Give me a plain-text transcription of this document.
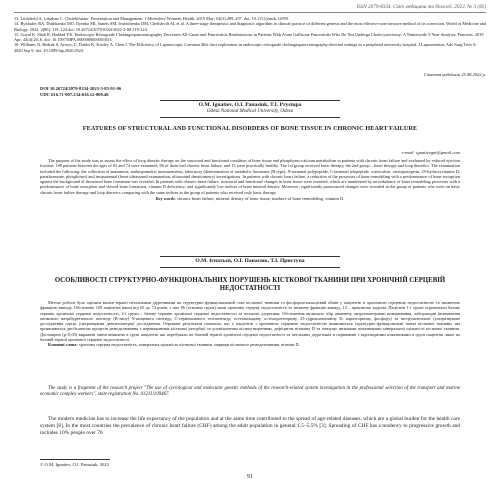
ISSN 2079-8334. Світ медицини та біології. 2023. № 3 (85)

13. Littlefield A, Lenahan C. Cholelithiasis: Presentation and Management. J Midwifery Womens Health. 2019 May; 64(3):289–297. doi: 10.1111/jmwh.12959.

14. Bykhalov RA, Dushkenko MO, Ilyenko MI, Sanets SM, Ivashchenko DM, Chelishvili AL et al. A three-stage therapeutic and diagnostic algorithm in clinical practice of different genesis and the most effective non-invasive method of its correction. World of Medicine and Biology. 2022; 2(80): 119–124.doi: 10.26724/2079-8334-2022-2-80-119-124

15. Goyal K, Shah R, Haddad YK. Endoscopic Retrograde Cholangiopancreatography Decreases All-Cause and Pancreatitis Readmissions in Patients With Acute Gallstone Pancreatitis Who Do Not Undergo Cholecystectomy: A Nationwide 5-Year Analysis. Pancreas. 2019 Apr; 43(4):20–6. doi: 10.1097/MPA.0000000000001033.

16. Williams N, Bedrak S, Arroyo U, Dobbs K, Kirsley A, Chen I. The Efficiency of Laparoscopic Common Bile duct exploration in endoscopic retrograde cholangiopancreatography-directed settings in a peripheral university hospital. J Laparoendosc Adv Surg Tech A. 2020 Sep 9; doi: 10.1089/lap.2020.0523.

Стаття надійшла 25.08.2022 р.
DOI 10.26724/2079-8334-2023-3-85-91-96
UDC 616.71-007.234:616.12-008.46
O.M. Ignatiev, O.I. Panasiuk, T.I. Prystupa
Odesa National Medical University, Odesa
FEATURES OF STRUCTURAL AND FUNCTIONAL DISORDERS OF BONE TISSUE IN CHRONIC HEART FAILURE
e-mail: ignatievgm@gmail.com

The purpose of the study was to assess the effect of loop diuretic therapy on the structural and functional condition of bone tissue and phosphorus-calcium metabolism in patients with chronic heart failure and evaluated by reduced ejection fraction. 109 patients between the ages of 65 and 74 were examined, 86 of them had chronic heart failure, and 13 were practically healthy. The 1st group received basic therapy, the 2nd group – basic therapy and loop diuretics. The examination included the following: the collection of anamnesis, anthropometric measurements, laboratory (determination of metabolic hormones (B-type), N-terminal polypeptide, C-terminal telopeptide, osteocalcin, osteoprotegerin, 25-hydroxyvitamin D, parathormone, phosphorus) and instrumental (heart ultrasound examination, ultrasound densitometry) investigations. In patients with chronic heart failure, a reduction of the processes of bone remodeling with a predominance of bone resorption against the background of decreased bone formation was revealed. In patients with chronic heart failure, structural and functional changes in bone tissue were revealed, which are manifested by an imbalance of bone remodeling processes with a predominance of bone resorption and slowed bone formation, vitamin D deficiency, and significantly low indices of bone mineral density. Moreover, significantly pronounced changes were revealed in the group of patients who were on basic chronic heart failure therapy and loop diuretics comparing with the same indices in the group of patients who received only basic therapy.

Key words: chronic heart failure, mineral density of bone tissue, markers of bone remodeling, vitamin D.
О.М. Ігнатьєв, О.І. Панасюк, Т.І. Приступа
ОСОБЛИВОСТІ СТРУКТУРНО-ФУНКЦІОНАЛЬНИХ ПОРУШЕНЬ КІСТКОВОЇ ТКАНИНИ ПРИ ХРОНІЧНІЙ СЕРЦЕВІЙ НЕДОСТАТНОСТІ

Метою роботи було оцінити вплив терапії петльовими діуретиками на структурно-функціональний стан кісткової тканини та фосфорно-кальцієвий обмін у пацієнтів із хронічною серцевою недостатністю та зниженою фракцією викиду. Обстежено 109 пацієнтів віком від 65 до 74 років, з них 86 (основна група) мали хронічну серцеву недостатність та знижену фракцію викиду, 13 – практично здорові. Пацієнти 1-ї групи отримували базову терапію хронічної серцевої недостатності, 2-ї групи – базову терапію хронічної серцевої недостатності та петльові діуретики. Обстеження включало збір анамнезу, антропометричні вимірювання, лабораторні (визначення мозкового натрійуретичного пептиду (B-типу) N-кінцевого пептиду, С-термінального телопептиду, остеокальцину, остеопротегерину, 25-гідроксивітаміну D, паратгормону, фосфору) та інструментальні (ультразвукове дослідження серця, ультразвукова денситометрія) дослідження. Отримані результати показали, що у пацієнтів з хронічною серцевою недостатністю виявляються структурно-функціональні зміни кісткової тканини, які проявляються дисбалансом процесів ремоделювання з переважанням кісткової резорбції та уповільненим кісткоутворенням, дефіцитом вітаміну D та значущо низькими показниками мінеральної щільності кісткової тканини. Достовірно (p<0,05) виражені зміни виявлено в групі пацієнтів, які перебували на базовій терапії хронічної серцевої недостатності та петльових діуретиках в порівнянні з відповідними показниками в групі пацієнтів лише на базовій терапії хронічної серцевої недостатності.

Ключові слова: хронічна серцева недостатність, мінеральна щільність кісткової тканини, маркери кісткового ремоделювання, вітамін D.

The study is a fragment of the research project "The use of cyclological and molecular genetic methods of the research-related system investigation in the professional selection of the transport and marine economic complex workers", state registration No. 0121U109467.

The modern medicine has to increase the life expectancy of the population and at the same time contributed to the spread of age-related diseases, which are a global burden for the health care system [8]. In the most countries the prevalence of chronic heart failure (CHF) among the adult population in general 1.5–5.5% [3]. Spreading of CHF has a tendency to progressive growth and includes 10% people over 70

© O.M. Ignatiev, O.I. Panasiuk, 2023
91
